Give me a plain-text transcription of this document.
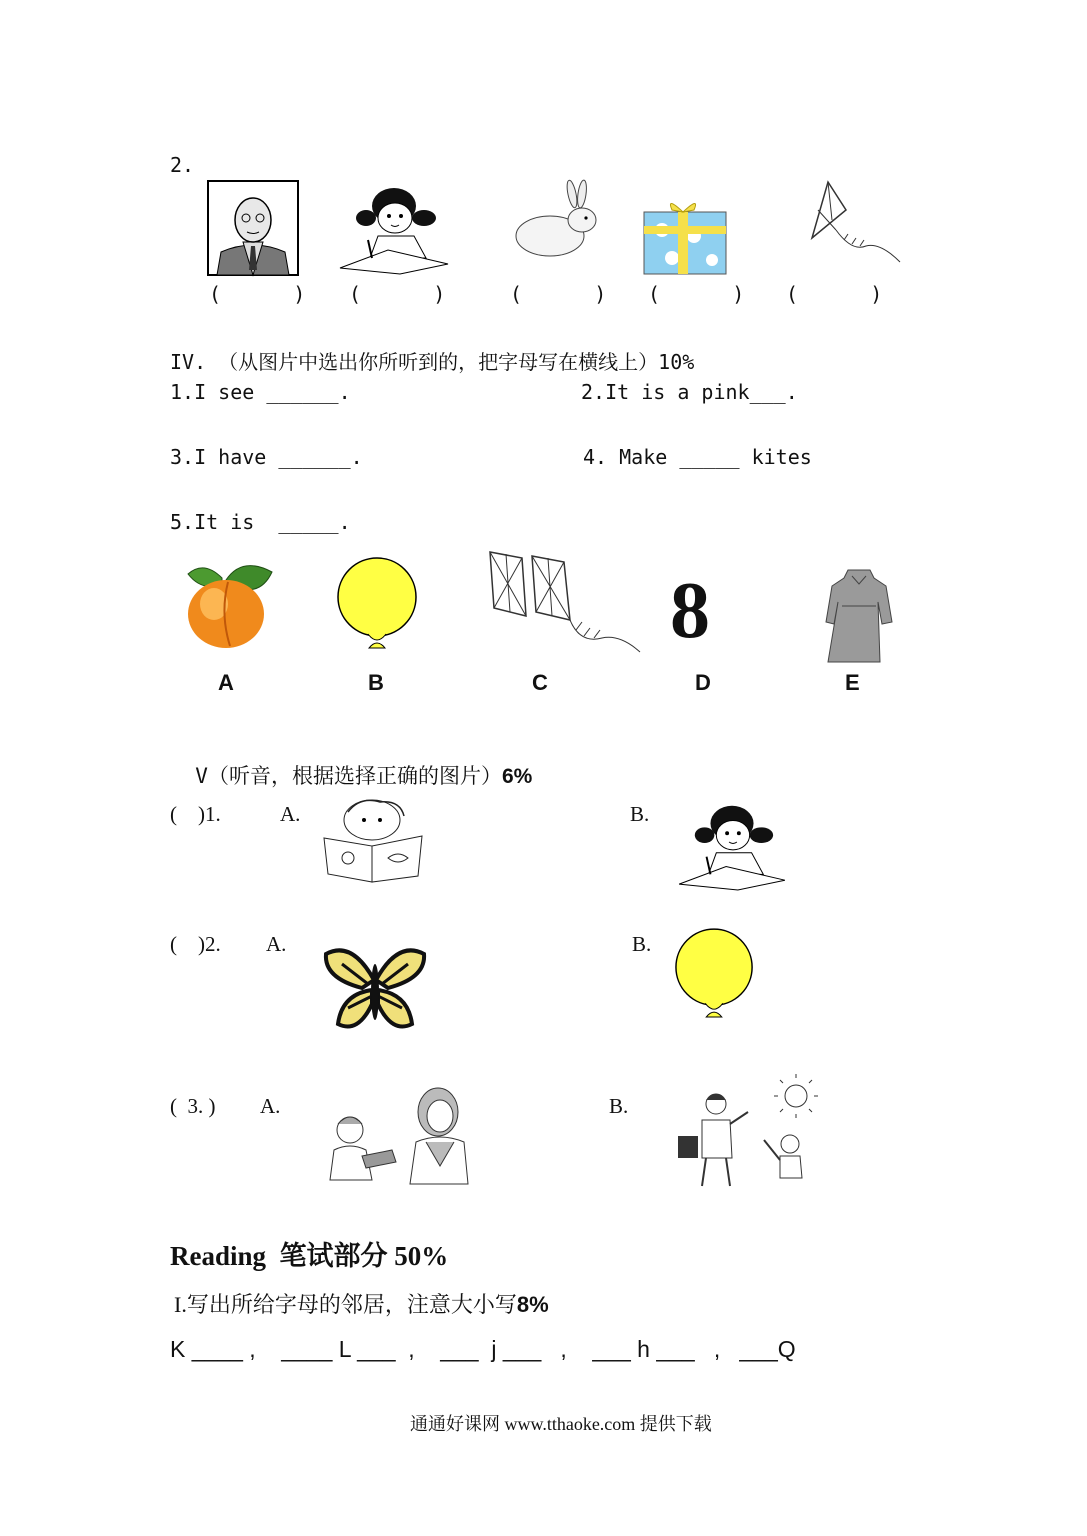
2.
(      ) (      )	(      ) (      ) (      )
IV. （从图片中选出你所听到的，把字母写在横线上）10%
1.I see ______.	2.It is a pink___.
3.I have ______.	4. Make _____ kites
5.It is  _____.
8
A	B	C	D	E

V（听音，根据选择正确的图片）6%

(    )1.	A.	B.
(    )2. A.	B.
(  3. ) A.	B.
Reading  笔试部分 50%
I.写出所给字母的邻居，注意大小写8%
K ____ ,    ____ L ___  ,    ___  j ___   ,    ___ h ___   ,   ___Q
通通好课网 www.tthaoke.com 提供下载
